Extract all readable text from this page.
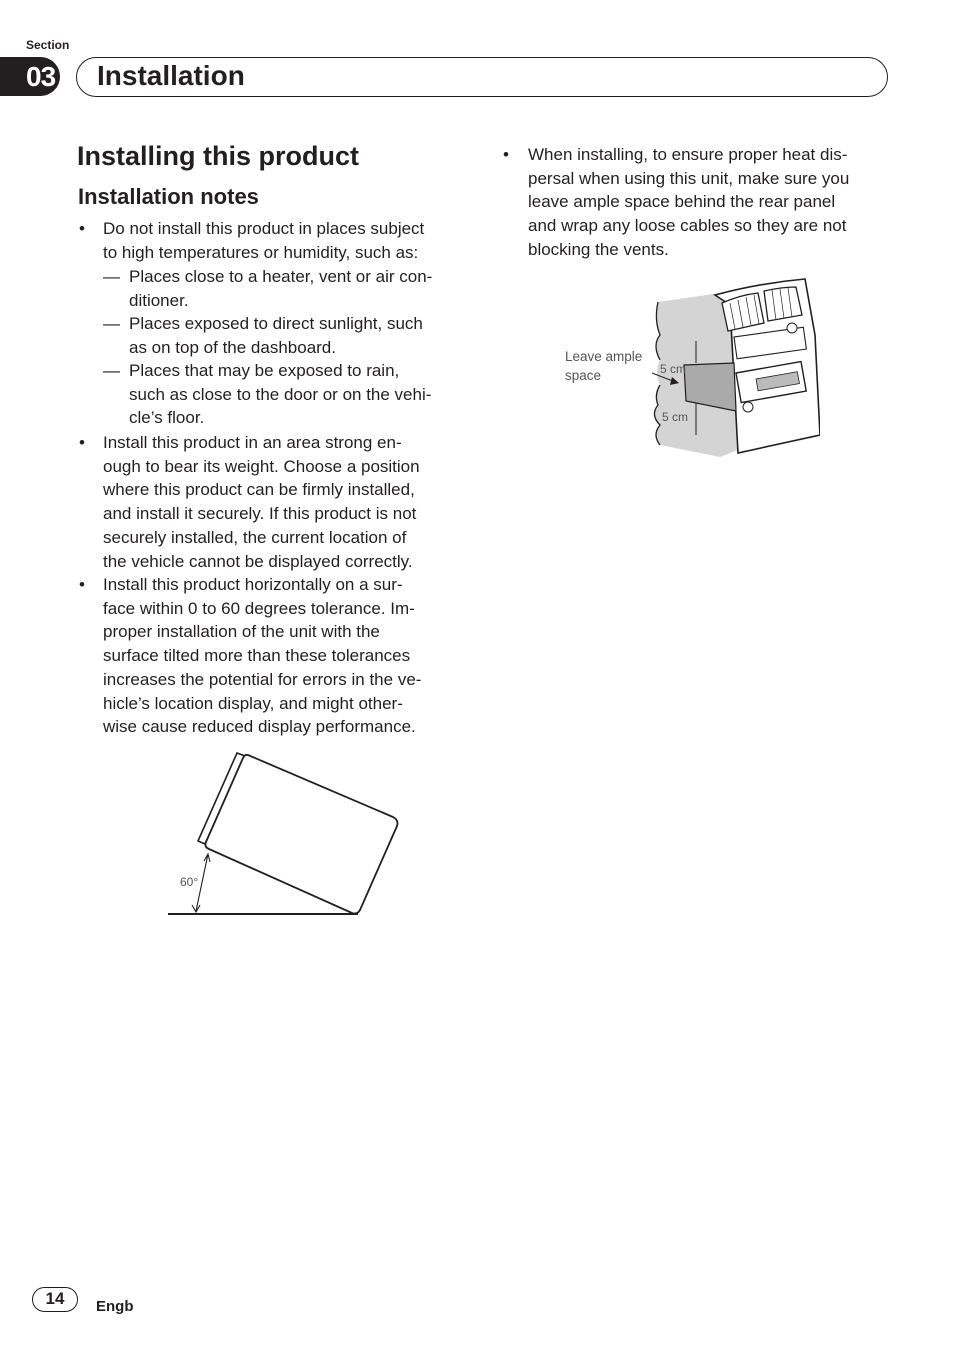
Section
03 Installation
Installing this product
Installation notes
• Do not install this product in places subject
to high temperatures or humidity, such as:
— Places close to a heater, vent or air con-
ditioner.
— Places exposed to direct sunlight, such
as on top of the dashboard.
— Places that may be exposed to rain,
such as close to the door or on the vehi-
cle’s floor.
• Install this product in an area strong en-
ough to bear its weight. Choose a position
where this product can be firmly installed,
and install it securely. If this product is not
securely installed, the current location of
the vehicle cannot be displayed correctly.
• Install this product horizontally on a sur-
face within 0 to 60 degrees tolerance. Im-
proper installation of the unit with the
surface tilted more than these tolerances
increases the potential for errors in the ve-
hicle’s location display, and might other-
wise cause reduced display performance.
• When installing, to ensure proper heat dis-
persal when using this unit, make sure you
leave ample space behind the rear panel
and wrap any loose cables so they are not
blocking the vents.
60°
Leave ample
space	5 cm
5 cm
14	Engb
